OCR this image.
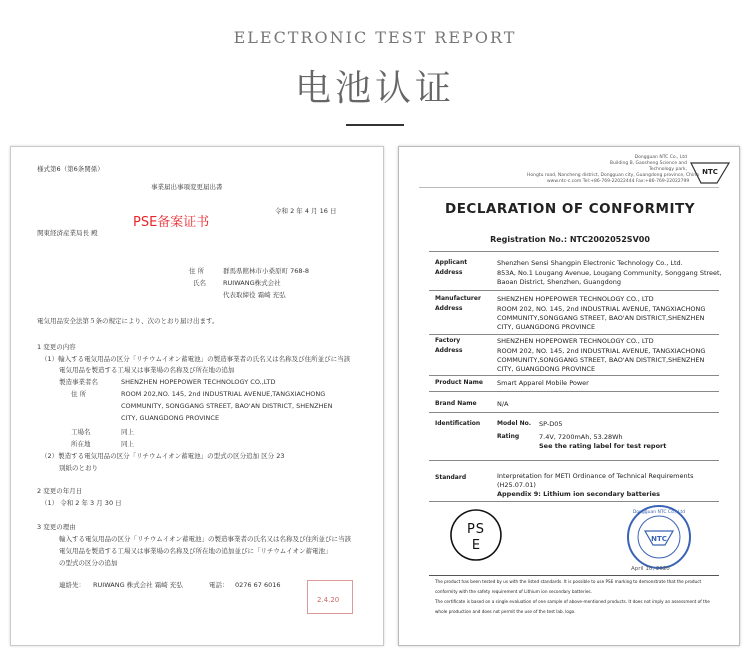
ELECTRONIC TEST REPORT
电池认证
様式第6（第6条関係）
事業届出事項変更届出書
PSE备案证书
令和 2 年 4 月 16 日
関東経済産業局長 殿
住 所	群馬県館林市小桑原町 768-8
氏名	RUIWANG株式会社
代表取締役 霜崎 充弘
電気用品安全法第５条の規定により、次のとおり届け出ます。
1 変更の内容
（1）輸入する電気用品の区分「リチウムイオン蓄電池」の製造事業者の氏名又は名称及び住所並びに当該
電気用品を製造する工場又は事業場の名称及び所在地の追加
製造事業者名	SHENZHEN HOPEPOWER TECHNOLOGY CO.,LTD
住 所	ROOM 202,NO. 145, 2nd INDUSTRIAL AVENUE,TANGXIACHONG
COMMUNITY, SONGGANG STREET, BAO'AN DISTRICT, SHENZHEN
CITY, GUANGDONG PROVINCE
工場名	同上
所在地	同上
（2）製造する電気用品の区分「リチウムイオン蓄電池」の型式の区分追加 区分 23
別紙のとおり
2 変更の年月日
（1） 令和 2 年 3 月 30 日
3 変更の理由
輸入する電気用品の区分「リチウムイオン蓄電池」の製造事業者の氏名又は名称及び住所並びに当該
電気用品を製造する工場又は事業場の名称及び所在地の追加並びに「リチウムイオン蓄電池」
の型式の区分の追加
連絡先： RUIWANG 株式会社 霜崎 充弘	電話： 0276 67 6016
2.4.20
Dongguan NTC Co., Ltd
Building B, Gaosheng Science and Technology park,
Hongtu road, Nancheng district, Dongguan city, Guangdong province, China
www.ntc-c.com Tel:+86-769-22022444 Fax:+86-769-22022799
NTC
DECLARATION OF CONFORMITY
Registration No.: NTC2002052SV00
Applicant	Shenzhen Sensi Shangpin Electronic Technology Co., Ltd.
Address	853A, No.1 Lougang Avenue, Lougang Community, Songgang Street,
Baoan District, Shenzhen, Guangdong
Manufacturer SHENZHEN HOPEPOWER TECHNOLOGY CO., LTD
Address	ROOM 202, NO. 145, 2nd INDUSTRIAL AVENUE, TANGXIACHONG
COMMUNITY,SONGGANG STREET, BAO'AN DISTRICT,SHENZHEN
CITY, GUANGDONG PROVINCE
Factory	SHENZHEN HOPEPOWER TECHNOLOGY CO., LTD
Address	ROOM 202, NO. 145, 2nd INDUSTRIAL AVENUE, TANGXIACHONG
COMMUNITY,SONGGANG STREET, BAO'AN DISTRICT,SHENZHEN
CITY, GUANGDONG PROVINCE
Product Name Smart Apparel Mobile Power
Brand Name	N/A
Identification	Model No. SP-D05
Rating	7.4V, 7200mAh, 53.28Wh
See the rating label for test report
Standard	Interpretation for METI Ordinance of Technical Requirements
(H25.07.01)
Appendix 9: Lithium ion secondary batteries
PS
E	NTC
Dongguan NTC Co., Ltd
April 10, 2020
The product has been tested by us with the listed standards. It is possible to use PSE marking to demonstrate that the product
conformity with the safety requirement of Lithium ion secondary batteries.
The certificate is based on a single evaluation of one sample of above-mentioned products. It does not imply an assessment of the
whole production and does not permit the use of the test lab. logo.
